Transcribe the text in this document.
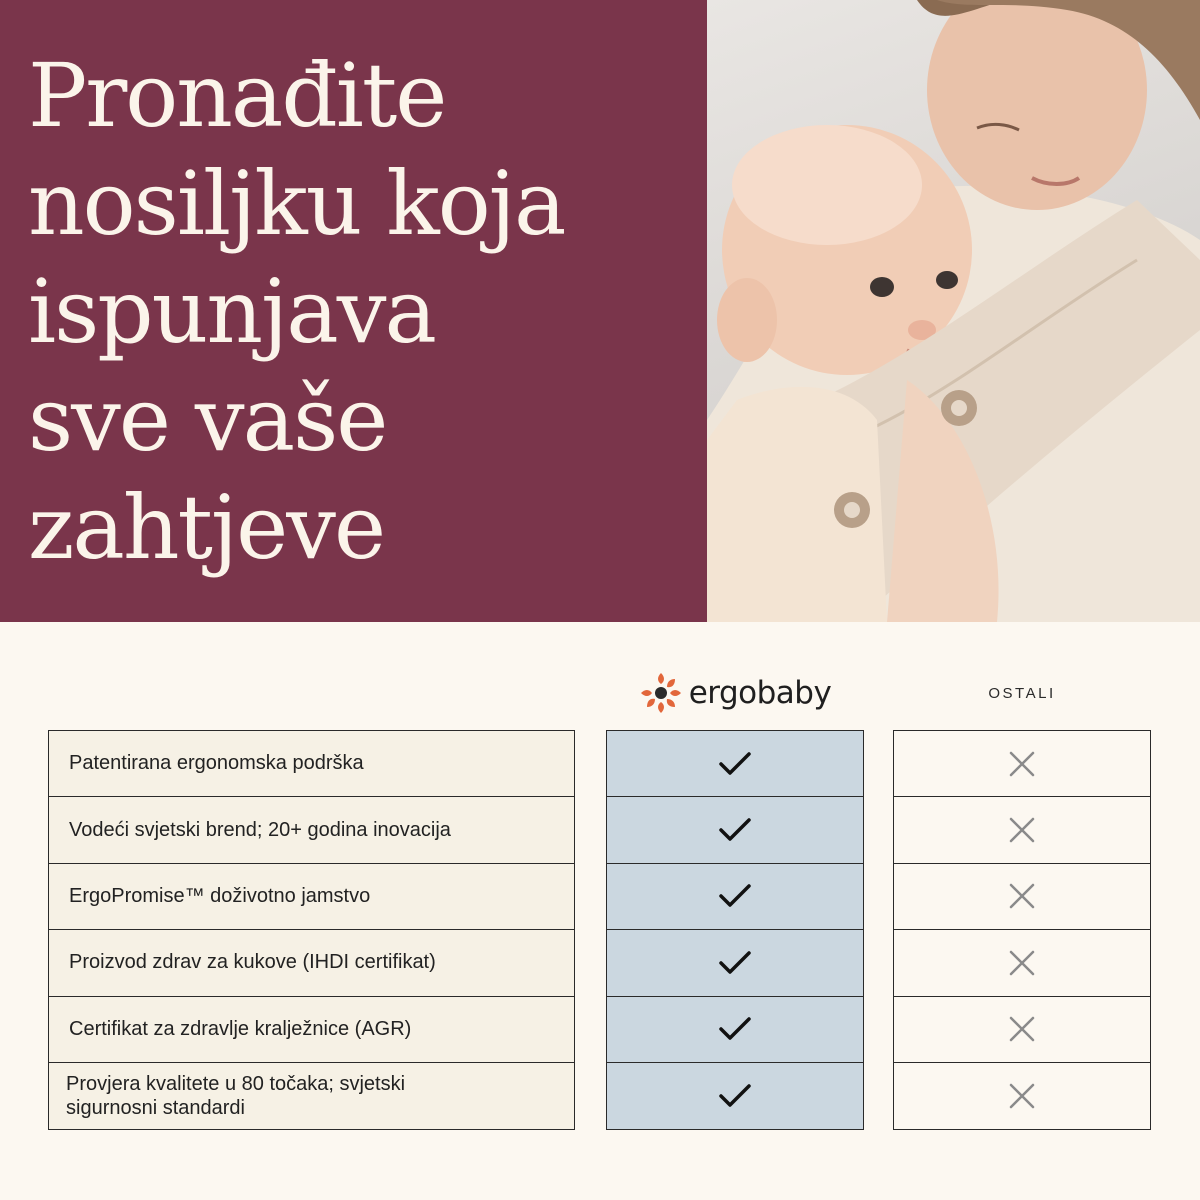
Pronađite
nosiljku koja
ispunjava
sve vaše
zahtjeve
ergobaby	OSTALI
Patentirana ergonomska podrška
Vodeći svjetski brend; 20+ godina inovacija
ErgoPromise™ doživotno jamstvo
Proizvod zdrav za kukove (IHDI certifikat)
Certifikat za zdravlje kralježnice (AGR)
Provjera kvalitete u 80 točaka; svjetski sigurnosni standardi
